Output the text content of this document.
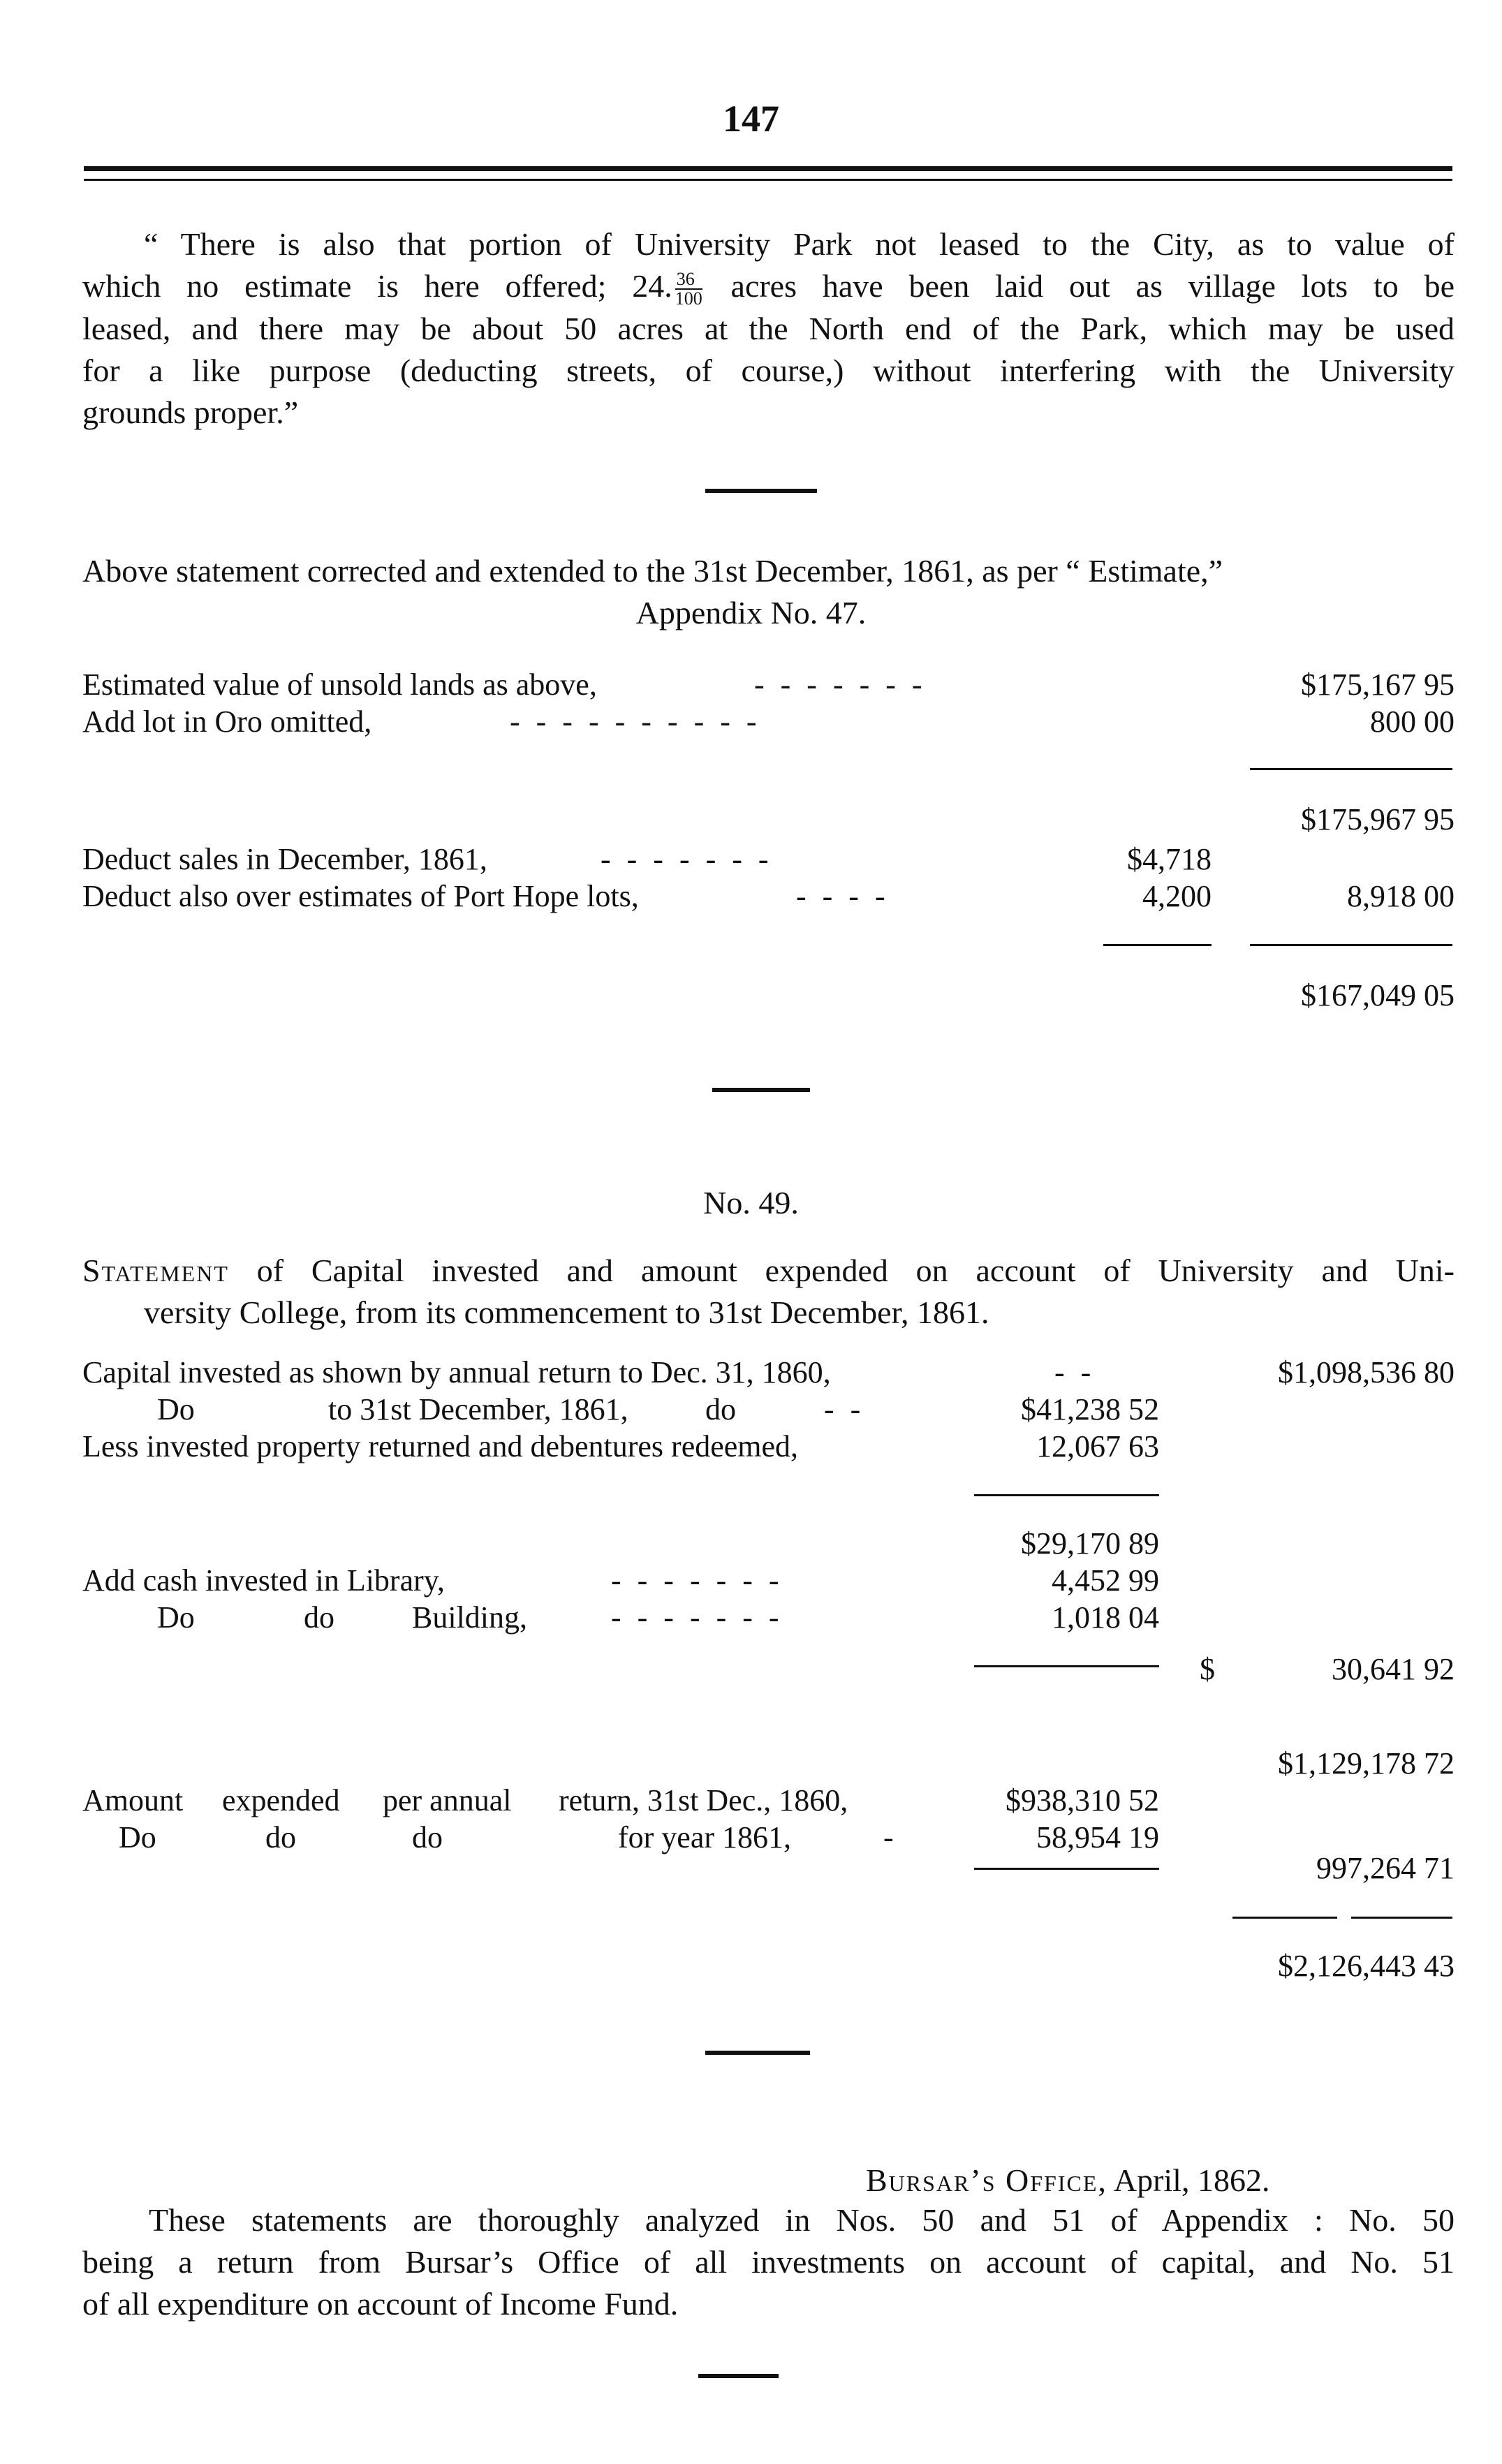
147
“ There is also that portion of University Park not leased to the City, as to value of
which no estimate is here offered; 24. $\frac{36}{100}$ acres have been laid out as village lots to be
leased, and there may be about 50 acres at the North end of the Park, which may be used
for a like purpose (deducting streets, of course,) without interfering with the University
grounds proper.”
Above statement corrected and extended to the 31st December, 1861, as per “ Estimate,”
Appendix No. 47.
Estimated value of unsold lands as above,	- - - - - - -	$175,167 95
Add lot in Oro omitted,	- - - - - - - - - -	800 00
$175,967 95
Deduct sales in December, 1861,	- - - - - - -	$4,718
Deduct also over estimates of Port Hope lots,	- - - -	4,200	8,918 00
$167,049 05
No. 49.
Statement of Capital invested and amount expended on account of University and Uni-
versity College, from its commencement to 31st December, 1861.
Capital invested as shown by annual return to Dec. 31, 1860,	- -	$1,098,536 80
Do	to 31st December, 1861,	do	- -	$41,238 52
Less invested property returned and debentures redeemed,	12,067 63
$29,170 89
Add cash invested in Library,	- - - - - - -	4,452 99
Do	do	Building,	- - - - - - -	1,018 04
$	30,641 92
$1,129,178 72
Amount expended per annual return, 31st Dec., 1860,	$938,310 52
Do	do	do	for year 1861,	-	58,954 19
997,264 71
$2,126,443 43
Bursar’s Office, April, 1862.
These statements are thoroughly analyzed in Nos. 50 and 51 of Appendix : No. 50
being a return from Bursar’s Office of all investments on account of capital, and No. 51
of all expenditure on account of Income Fund.
